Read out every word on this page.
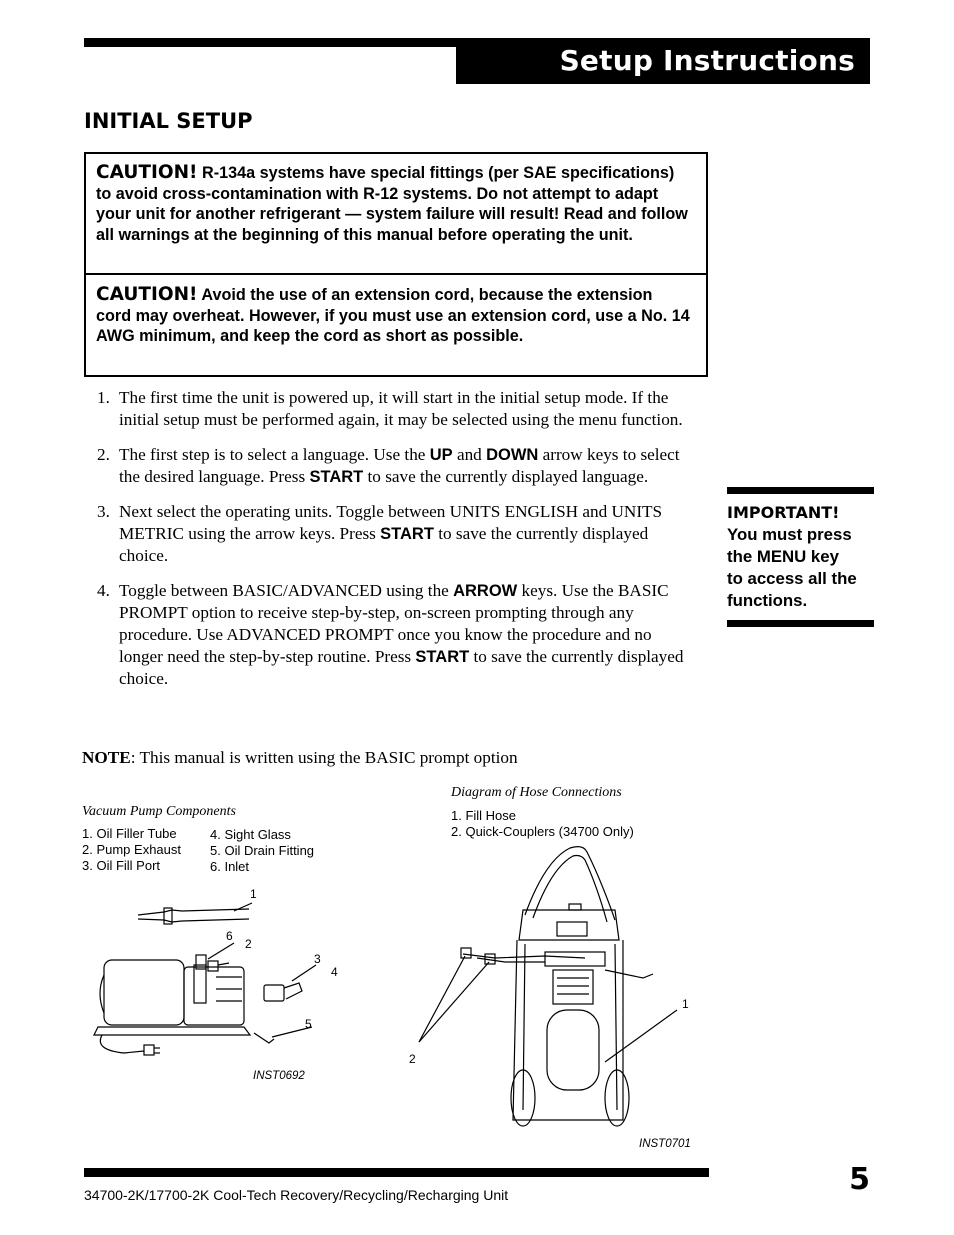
Setup Instructions
INITIAL SETUP
CAUTION! R-134a systems have special fittings (per SAE specifications) to avoid cross-contamination with R-12 systems. Do not attempt to adapt your unit for another refrigerant — system failure will result! Read and follow all warnings at the beginning of this manual before operating the unit.
CAUTION! Avoid the use of an extension cord, because the extension cord may overheat. However, if you must use an extension cord, use a No. 14 AWG minimum, and keep the cord as short as possible.
1. The first time the unit is powered up, it will start in the initial setup mode. If the initial setup must be performed again, it may be selected using the menu function.
2. The first step is to select a language. Use the UP and DOWN arrow keys to select the desired language. Press START to save the currently displayed language.
3. Next select the operating units. Toggle between UNITS ENGLISH and UNITS METRIC using the arrow keys. Press START to save the currently displayed choice.
4. Toggle between BASIC/ADVANCED using the ARROW keys. Use the BASIC PROMPT option to receive step-by-step, on-screen prompting through any procedure. Use ADVANCED PROMPT once you know the procedure and no longer need the step-by-step routine. Press START to save the currently displayed choice.
NOTE: This manual is written using the BASIC prompt option
IMPORTANT!
You must press
the MENU key
to access all the
functions.
Vacuum Pump Components
1. Oil Filler Tube
2. Pump Exhaust
3. Oil Fill Port
4. Sight Glass
5. Oil Drain Fitting
6. Inlet
1
6
2
3
4
5
INST0692
Diagram of Hose Connections
1. Fill Hose
2. Quick-Couplers (34700 Only)
1
2
INST0701
34700-2K/17700-2K Cool-Tech Recovery/Recycling/Recharging Unit	5
